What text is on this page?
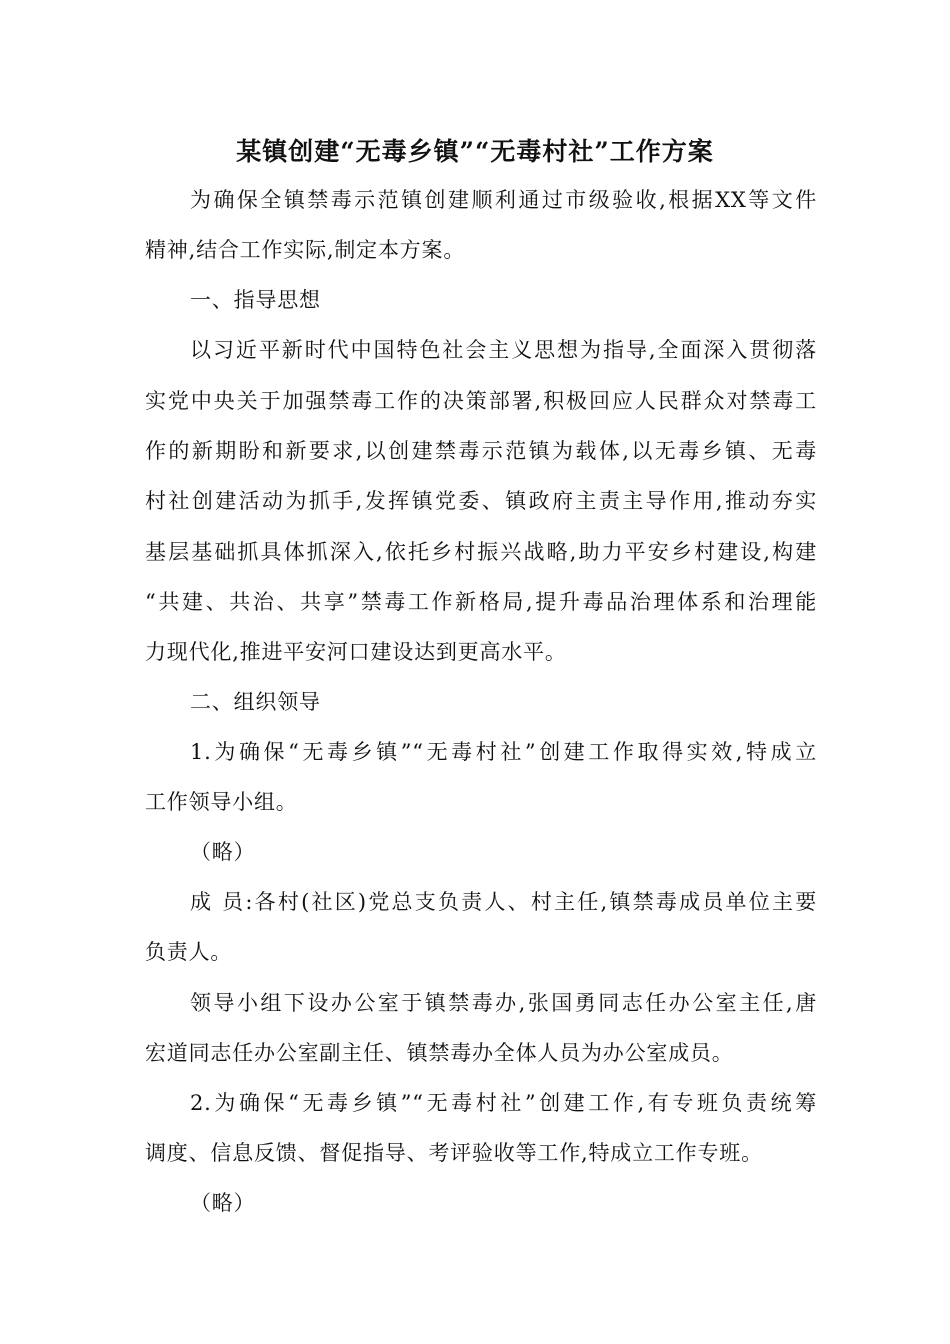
某镇创建“无毒乡镇”“无毒村社”工作方案
为确保全镇禁毒示范镇创建顺利通过市级验收,根据XX等文件
精神,结合工作实际,制定本方案。
一、指导思想
以习近平新时代中国特色社会主义思想为指导,全面深入贯彻落
实党中央关于加强禁毒工作的决策部署,积极回应人民群众对禁毒工
作的新期盼和新要求,以创建禁毒示范镇为载体,以无毒乡镇、无毒
村社创建活动为抓手,发挥镇党委、镇政府主责主导作用,推动夯实
基层基础抓具体抓深入,依托乡村振兴战略,助力平安乡村建设,构建
“共建、共治、共享”禁毒工作新格局,提升毒品治理体系和治理能
力现代化,推进平安河口建设达到更高水平。
二、组织领导
1.为确保“无毒乡镇”“无毒村社”创建工作取得实效,特成立
工作领导小组。
（略）
成 员:各村(社区)党总支负责人、村主任,镇禁毒成员单位主要
负责人。
领导小组下设办公室于镇禁毒办,张国勇同志任办公室主任,唐
宏道同志任办公室副主任、镇禁毒办全体人员为办公室成员。
2.为确保“无毒乡镇”“无毒村社”创建工作,有专班负责统筹
调度、信息反馈、督促指导、考评验收等工作,特成立工作专班。
（略）
